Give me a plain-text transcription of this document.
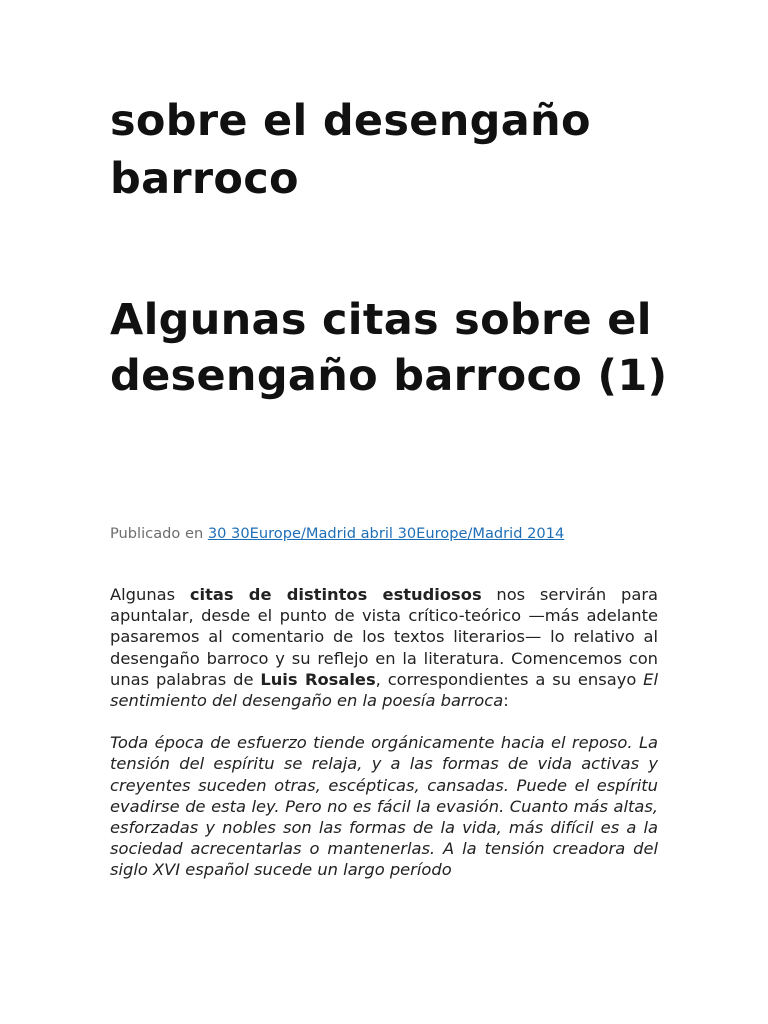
sobre el desengaño barroco
Algunas citas sobre el desengaño barroco (1)
Publicado en 30 30Europe/Madrid abril 30Europe/Madrid 2014

Algunas citas de distintos estudiosos nos servirán para apuntalar, desde el punto de vista crítico-teórico —más adelante pasaremos al comentario de los textos literarios— lo relativo al desengaño barroco y su reflejo en la literatura. Comencemos con unas palabras de Luis Rosales, correspondientes a su ensayo El sentimiento del desengaño en la poesía barroca:

Toda época de esfuerzo tiende orgánicamente hacia el reposo. La tensión del espíritu se relaja, y a las formas de vida activas y creyentes suceden otras, escépticas, cansadas. Puede el espíritu evadirse de esta ley. Pero no es fácil la evasión. Cuanto más altas, esforzadas y nobles son las formas de la vida, más difícil es a la sociedad acrecentarlas o mantenerlas. A la tensión creadora del siglo XVI español sucede un largo período
